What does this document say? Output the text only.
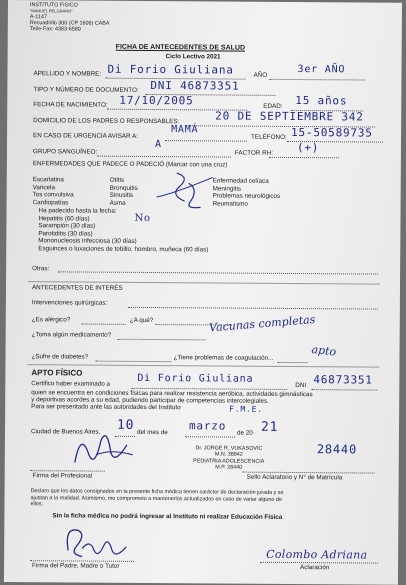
INSTITUTO FISICO
"MANUEL BELGRANO"
A-1147
Recuadrillo 300 (CP 1606) CABA
Tel/e-Fax: 4383-6580
FICHA DE ANTECEDENTES DE SALUD
Ciclo Lectivo 2021
APELLIDO Y NOMBRE: Di Forio Giuliana	AÑO	3er AÑO
TIPO Y NÚMERO DE DOCUMENTO: DNI 46873351
FECHA DE NACIMIENTO: 17/10/2005	EDAD: 15 años
DOMICILIO DE LOS PADRES O RESPONSABLES:	20 DE SEPTIEMBRE 342
EN CASO DE URGENCIA AVISAR A:
MAMÁ
TELÉFONO: 15-50589735
GRUPO SANGUÍNEO:
A
FACTOR RH: (+)
ENFERMEDADES QUE PADECE O PADECIÓ (Marcar con una cruz)
Escarlatina
Varicela
Tos convulsiva
Cardiopatías
Otitis
Bronquitis
Sinusitis
Asma
Enfermedad celíaca
Meningitis
Problemas neurológicos
Reumatismo
Ha padecido hasta la fecha:
Hepatitis (60 días)
Sarampión (30 días)
Parotiditis (30 días)
Mononucleosis infecciosa (30 días)
Esguinces o luxaciones de tobillo, hombro, muñeca (60 días)
No
Otras:
ANTECEDENTES DE INTERÉS
Intervenciones quirúrgicas:
¿Es alérgico?	¿A qué?
¿Toma algún medicamento?
Vacunas completas
¿Sufre de diabetes?	¿Tiene problemas de coagulación...	apto
APTO FÍSICO
Certifico haber examinado a	Di Forio Giuliana
DNI 46873351
quien se encuentra en condiciones físicas para realizar resistencia aeróbica, actividades gimnásticas
y deportivas acordes a su edad, pudiendo participar de competencias intercolegiales.
Para ser presentado ante las autoridades del Instituto	F.M.E.
Ciudad de Buenos Aires, 10 del mes de marzo
de 20 21
Dr. JORGE R. VUKASOVIC
M.N. 38842
PEDIATRIA ADOLESCENCIA
M.P. 28440
28440
Firma del Profesional	Sello Aclaratorio y N° de Matrícula
Declaro que los datos consignados en la presente ficha médica tienen carácter de declaración jurada y se
ajustan a la realidad. Asimismo, me comprometo a mantenerlos actualizados en caso de variar alguno de
ellos.
Sin la ficha médica no podrá ingresar al Instituto ni realizar Educación Física
Firma del Padre, Madre o Tutor
Colombo Adriana
Aclaración
